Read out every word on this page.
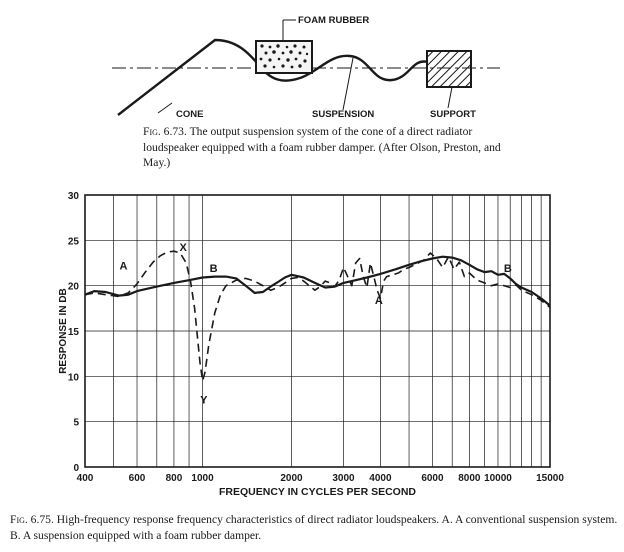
FOAM RUBBER
CONE	SUSPENSION	SUPPORT
Fig. 6.73. The output suspension system of the cone of a direct radiator loudspeaker equipped with a foam rubber damper. (After Olson, Preston, and May.)
400	600 800 1000	2000	3000 4000	6000 8000 10000 15000
0
5
10
15
20
25
30
A
X
B
Y
A
B
FREQUENCY IN CYCLES PER SECOND
RESPONSE IN DB
Fig. 6.75. High-frequency response frequency characteristics of direct radiator loudspeakers. A. A conventional suspension system. B. A suspension equipped with a foam rubber damper.
